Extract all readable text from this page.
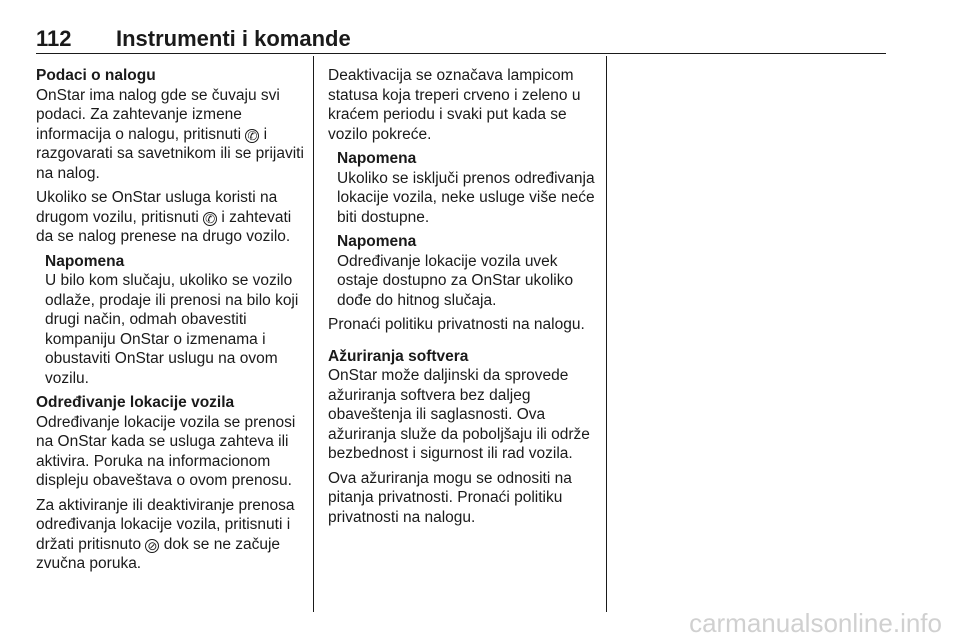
112 Instrumenti i komande
Podaci o nalogu

OnStar ima nalog gde se čuvaju svi podaci. Za zahtevanje izmene informacija o nalogu, pritisnuti ✆ i razgovarati sa savetnikom ili se prijaviti na nalog.

Ukoliko se OnStar usluga koristi na drugom vozilu, pritisnuti ✆ i zahtevati da se nalog prenese na drugo vozilo.

Napomena
U bilo kom slučaju, ukoliko se vozilo odlaže, prodaje ili prenosi na bilo koji drugi način, odmah obavestiti kompaniju OnStar o izmenama i obustaviti OnStar uslugu na ovom vozilu.
Određivanje lokacije vozila

Određivanje lokacije vozila se prenosi na OnStar kada se usluga zahteva ili aktivira. Poruka na informacionom displeju obaveštava o ovom prenosu.

Za aktiviranje ili deaktiviranje prenosa određivanja lokacije vozila, pritisnuti i držati pritisnuto ⊘ dok se ne začuje zvučna poruka.

Deaktivacija se označava lampicom statusa koja treperi crveno i zeleno u kraćem periodu i svaki put kada se vozilo pokreće.

Napomena
Ukoliko se isključi prenos određivanja lokacije vozila, neke usluge više neće biti dostupne.
Napomena
Određivanje lokacije vozila uvek ostaje dostupno za OnStar ukoliko dođe do hitnog slučaja.

Pronaći politiku privatnosti na nalogu.

Ažuriranja softvera

OnStar može daljinski da sprovede ažuriranja softvera bez daljeg obaveštenja ili saglasnosti. Ova ažuriranja služe da poboljšaju ili održe bezbednost i sigurnost ili rad vozila.

Ova ažuriranja mogu se odnositi na pitanja privatnosti. Pronaći politiku privatnosti na nalogu.

carmanualsonline.info
